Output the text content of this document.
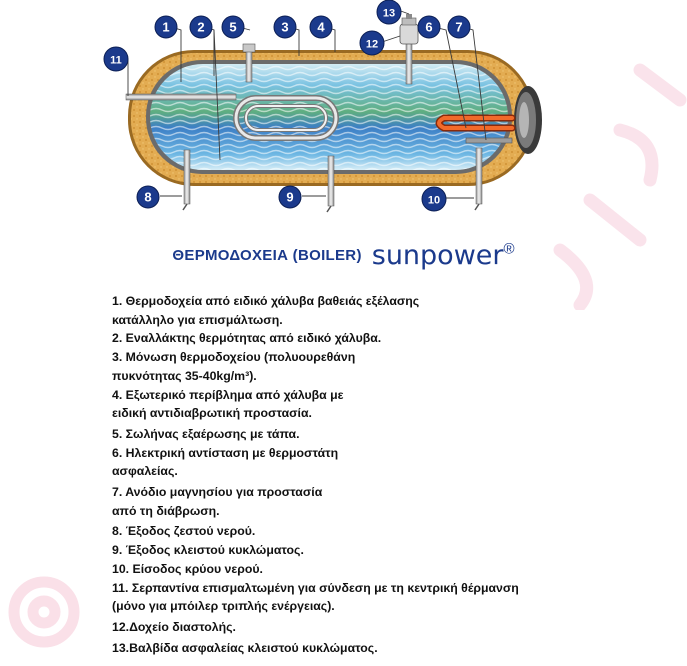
1 2 5	3 4
13
12
6 7
11
8	9	10
ΘΕΡΜΟΔΟΧΕΙΑ (BOILER) sunpower®
1. Θερμοδοχεία από ειδικό χάλυβα βαθειάς εξέλασης
κατάλληλο για επισμάλτωση.
2. Εναλλάκτης θερμότητας από ειδικό χάλυβα.
3. Μόνωση θερμοδοχείου (πολυουρεθάνη
πυκνότητας 35-40kg/m³).
4. Εξωτερικό περίβλημα από χάλυβα με
ειδική αντιδιαβρωτική προστασία.
5. Σωλήνας εξαέρωσης με τάπα.
6. Ηλεκτρική αντίσταση με θερμοστάτη
ασφαλείας.
7. Ανόδιο μαγνησίου για προστασία
από τη διάβρωση.
8. Έξοδος ζεστού νερού.
9. Έξοδος κλειστού κυκλώματος.
10. Είσοδος κρύου νερού.
11. Σερπαντίνα επισμαλτωμένη για σύνδεση με τη κεντρική θέρμανση
(μόνο για μπόιλερ τριπλής ενέργειας).
12.Δοχείο διαστολής.
13.Βαλβίδα ασφαλείας κλειστού κυκλώματος.
